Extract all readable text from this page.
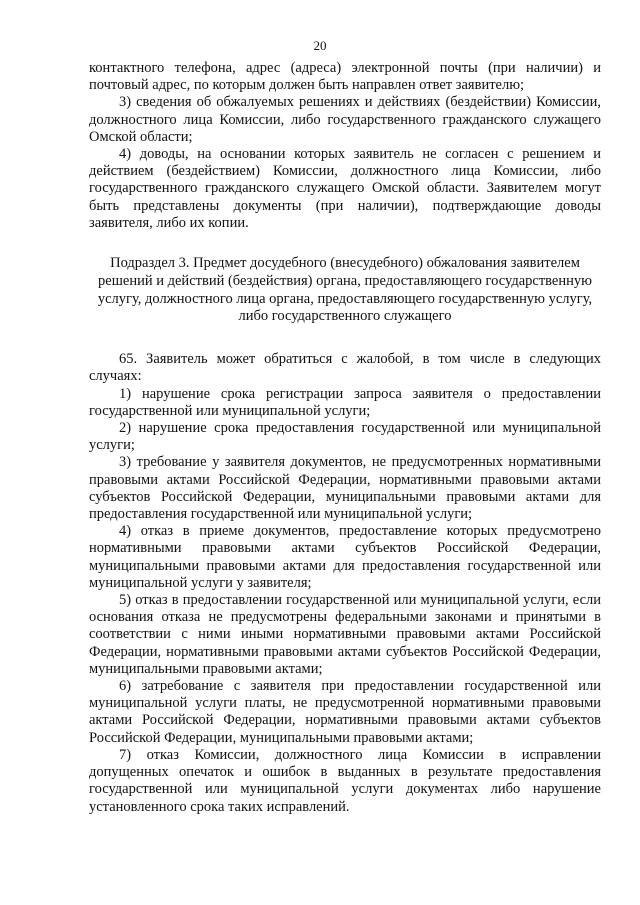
20

контактного телефона, адрес (адреса) электронной почты (при наличии) и почтовый адрес, по которым должен быть направлен ответ заявителю;

3) сведения об обжалуемых решениях и действиях (бездействии) Комиссии, должностного лица Комиссии, либо государственного гражданского служащего Омской области;

4) доводы, на основании которых заявитель не согласен с решением и действием (бездействием) Комиссии, должностного лица Комиссии, либо государственного гражданского служащего Омской области. Заявителем могут быть представлены документы (при наличии), подтверждающие доводы заявителя, либо их копии.

Подраздел 3. Предмет досудебного (внесудебного) обжалования заявителем решений и действий (бездействия) органа, предоставляющего государственную услугу, должностного лица органа, предоставляющего государственную услугу, либо государственного служащего

65. Заявитель может обратиться с жалобой, в том числе в следующих случаях:

1) нарушение срока регистрации запроса заявителя о предоставлении государственной или муниципальной услуги;

2) нарушение срока предоставления государственной или муниципальной услуги;

3) требование у заявителя документов, не предусмотренных нормативными правовыми актами Российской Федерации, нормативными правовыми актами субъектов Российской Федерации, муниципальными правовыми актами для предоставления государственной или муниципальной услуги;

4) отказ в приеме документов, предоставление которых предусмотрено нормативными правовыми актами субъектов Российской Федерации, муниципальными правовыми актами для предоставления государственной или муниципальной услуги у заявителя;

5) отказ в предоставлении государственной или муниципальной услуги, если основания отказа не предусмотрены федеральными законами и принятыми в соответствии с ними иными нормативными правовыми актами Российской Федерации, нормативными правовыми актами субъектов Российской Федерации, муниципальными правовыми актами;

6) затребование с заявителя при предоставлении государственной или муниципальной услуги платы, не предусмотренной нормативными правовыми актами Российской Федерации, нормативными правовыми актами субъектов Российской Федерации, муниципальными правовыми актами;

7) отказ Комиссии, должностного лица Комиссии в исправлении допущенных опечаток и ошибок в выданных в результате предоставления государственной или муниципальной услуги документах либо нарушение установленного срока таких исправлений.
